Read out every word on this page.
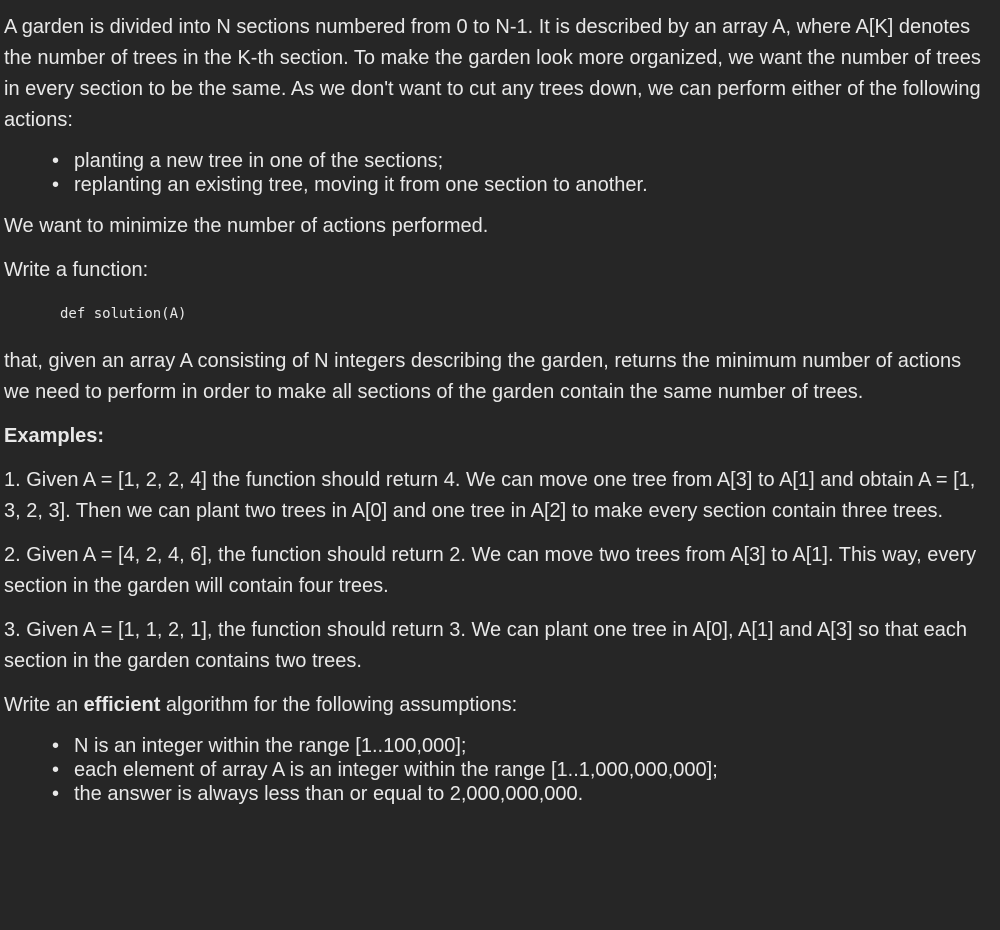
A garden is divided into N sections numbered from 0 to N-1. It is described by an array A, where A[K] denotes the number of trees in the K-th section. To make the garden look more organized, we want the number of trees in every section to be the same. As we don't want to cut any trees down, we can perform either of the following actions:

• planting a new tree in one of the sections;
• replanting an existing tree, moving it from one section to another.

We want to minimize the number of actions performed.

Write a function:

def solution(A)

that, given an array A consisting of N integers describing the garden, returns the minimum number of actions we need to perform in order to make all sections of the garden contain the same number of trees.

Examples:

1. Given A = [1, 2, 2, 4] the function should return 4. We can move one tree from A[3] to A[1] and obtain A = [1, 3, 2, 3]. Then we can plant two trees in A[0] and one tree in A[2] to make every section contain three trees.

2. Given A = [4, 2, 4, 6], the function should return 2. We can move two trees from A[3] to A[1]. This way, every section in the garden will contain four trees.

3. Given A = [1, 1, 2, 1], the function should return 3. We can plant one tree in A[0], A[1] and A[3] so that each section in the garden contains two trees.

Write an efficient algorithm for the following assumptions:

• N is an integer within the range [1..100,000];
• each element of array A is an integer within the range [1..1,000,000,000];
• the answer is always less than or equal to 2,000,000,000.
